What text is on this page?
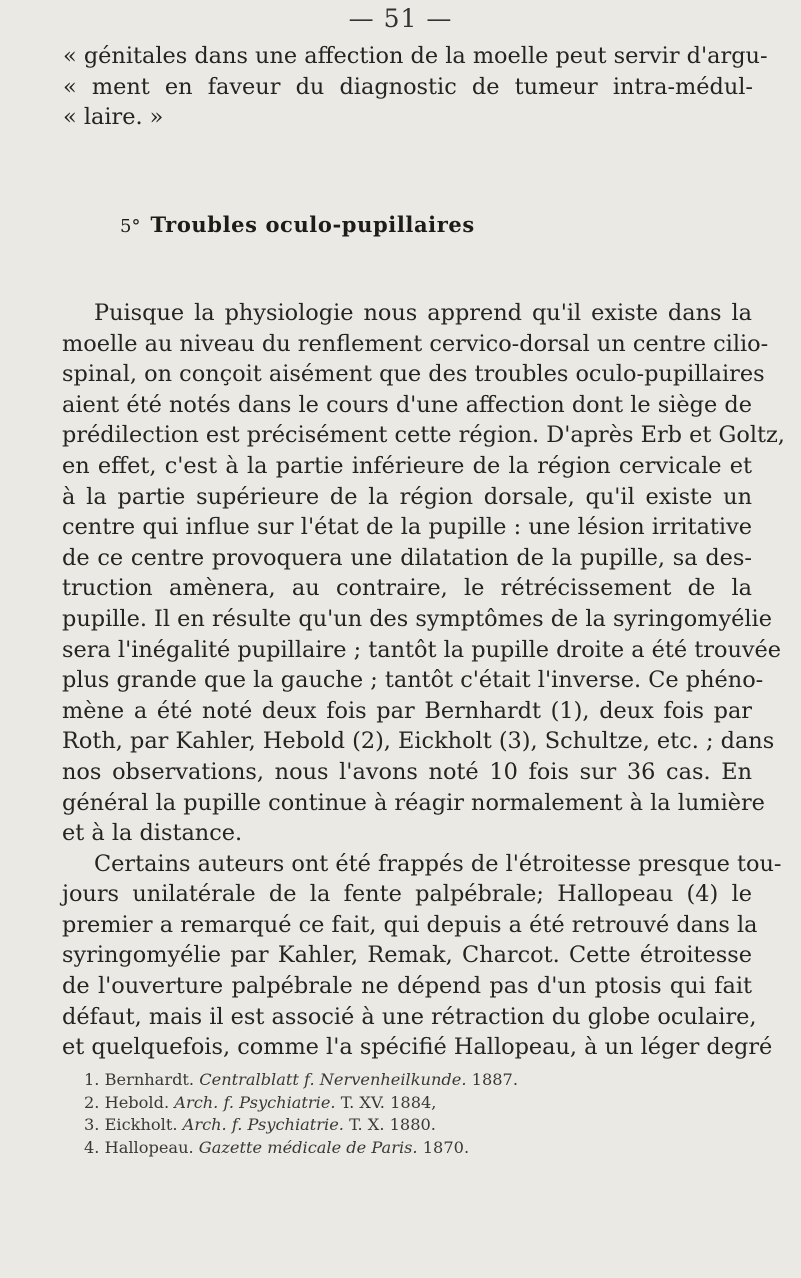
— 51 —
« génitales dans une affection de la moelle peut servir d'argu-
« ment en faveur du diagnostic de tumeur intra-médul-
« laire. »
5° Troubles oculo-pupillaires
Puisque la physiologie nous apprend qu'il existe dans la
moelle au niveau du renflement cervico-dorsal un centre cilio-
spinal, on conçoit aisément que des troubles oculo-pupillaires
aient été notés dans le cours d'une affection dont le siège de
prédilection est précisément cette région. D'après Erb et Goltz,
en effet, c'est à la partie inférieure de la région cervicale et
à la partie supérieure de la région dorsale, qu'il existe un
centre qui influe sur l'état de la pupille : une lésion irritative
de ce centre provoquera une dilatation de la pupille, sa des-
truction amènera, au contraire, le rétrécissement de la
pupille. Il en résulte qu'un des symptômes de la syringomyélie
sera l'inégalité pupillaire ; tantôt la pupille droite a été trouvée
plus grande que la gauche ; tantôt c'était l'inverse. Ce phéno-
mène a été noté deux fois par Bernhardt (1), deux fois par
Roth, par Kahler, Hebold (2), Eickholt (3), Schultze, etc. ; dans
nos observations, nous l'avons noté 10 fois sur 36 cas. En
général la pupille continue à réagir normalement à la lumière
et à la distance.
Certains auteurs ont été frappés de l'étroitesse presque tou-
jours unilatérale de la fente palpébrale; Hallopeau (4) le
premier a remarqué ce fait, qui depuis a été retrouvé dans la
syringomyélie par Kahler, Remak, Charcot. Cette étroitesse
de l'ouverture palpébrale ne dépend pas d'un ptosis qui fait
défaut, mais il est associé à une rétraction du globe oculaire,
et quelquefois, comme l'a spécifié Hallopeau, à un léger degré
1. Bernhardt. Centralblatt f. Nervenheilkunde. 1887.
2. Hebold. Arch. f. Psychiatrie. T. XV. 1884,
3. Eickholt. Arch. f. Psychiatrie. T. X. 1880.
4. Hallopeau. Gazette médicale de Paris. 1870.
